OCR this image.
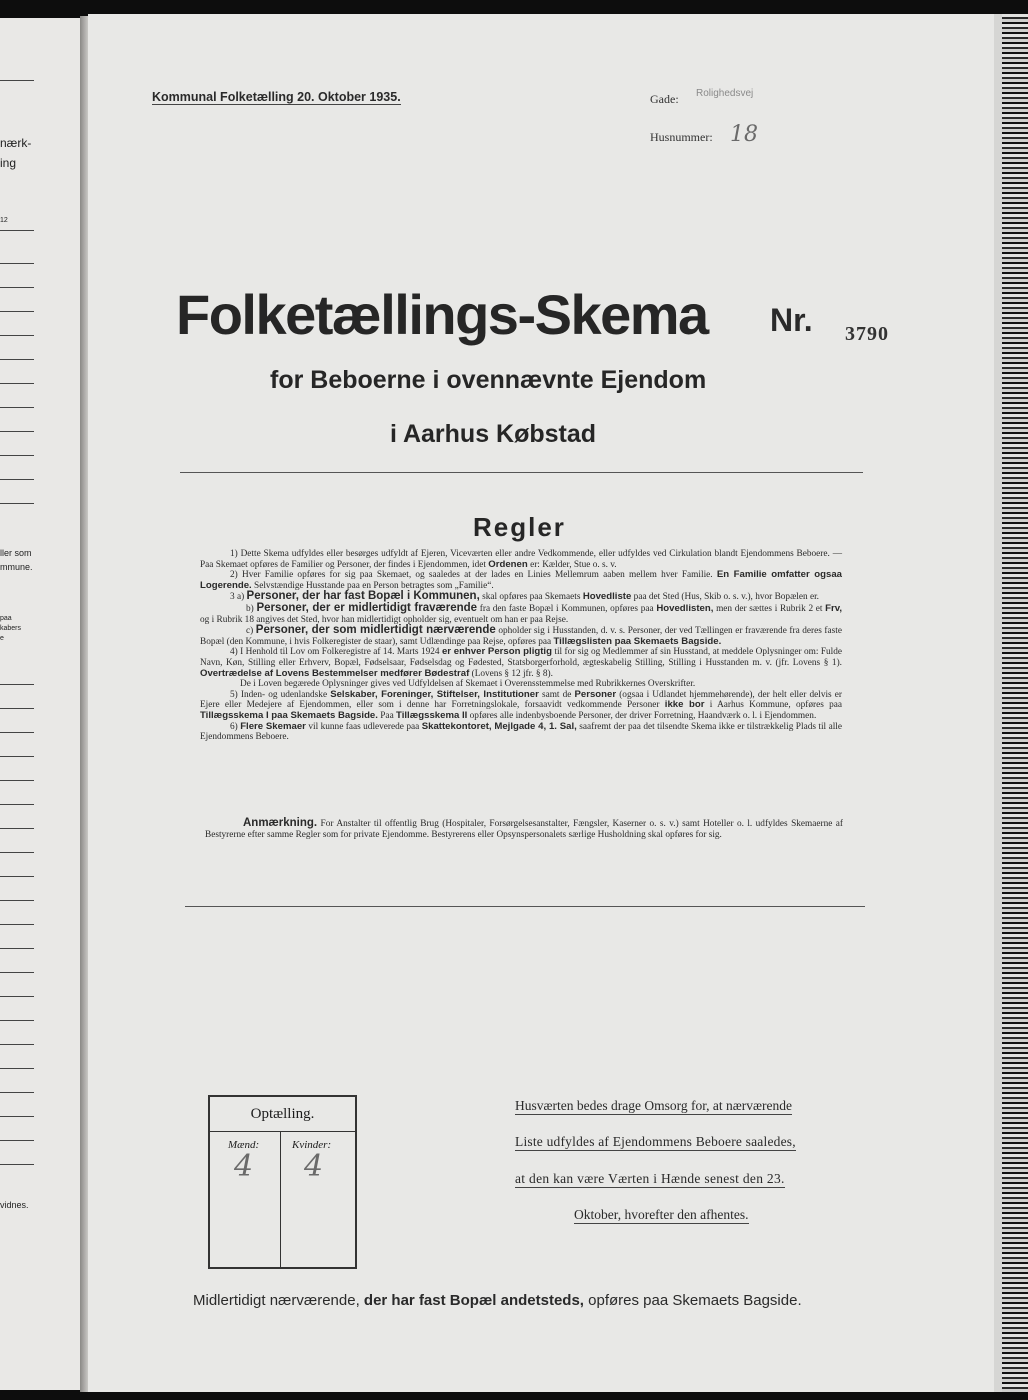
nærk-
ing
12
ller som
mmune.
paa
kabers
e
vidnes.
Kommunal Folketælling 20. Oktober 1935.	Gade: Rolighedsvej
Husnummer: 18
Folketællings-Skema Nr. 3790
for Beboerne i ovennævnte Ejendom
i Aarhus Købstad
Regler

1) Dette Skema udfyldes eller besørges udfyldt af Ejeren, Viceværten eller andre Vedkommende, eller udfyldes ved Cirkulation blandt Ejendommens Beboere. — Paa Skemaet opføres de Familier og Personer, der findes i Ejendommen, idet Ordenen er: Kælder, Stue o. s. v.

2) Hver Familie opføres for sig paa Skemaet, og saaledes at der lades en Linies Mellemrum aaben mellem hver Familie. En Familie omfatter ogsaa Logerende. Selvstændige Husstande paa en Person betragtes som „Familie“.

3 a) Personer, der har fast Bopæl i Kommunen, skal opføres paa Skemaets Hovedliste paa det Sted (Hus, Skib o. s. v.), hvor Bopælen er.

b) Personer, der er midlertidigt fraværende fra den faste Bopæl i Kommunen, opføres paa Hovedlisten, men der sættes i Rubrik 2 et Frv, og i Rubrik 18 angives det Sted, hvor han midlertidigt opholder sig, eventuelt om han er paa Rejse.

c) Personer, der som midlertidigt nærværende opholder sig i Husstanden, d. v. s. Personer, der ved Tællingen er fraværende fra deres faste Bopæl (den Kommune, i hvis Folkeregister de staar), samt Udlændinge paa Rejse, opføres paa Tillægslisten paa Skemaets Bagside.

4) I Henhold til Lov om Folkeregistre af 14. Marts 1924 er enhver Person pligtig til for sig og Medlemmer af sin Husstand, at meddele Oplysninger om: Fulde Navn, Køn, Stilling eller Erhverv, Bopæl, Fødselsaar, Fødselsdag og Fødested, Statsborgerforhold, ægteskabelig Stilling, Stilling i Husstanden m. v. (jfr. Lovens § 1). Overtrædelse af Lovens Bestemmelser medfører Bødestraf (Lovens § 12 jfr. § 8).

De i Loven begærede Oplysninger gives ved Udfyldelsen af Skemaet i Overensstemmelse med Rubrikkernes Overskrifter.

5) Inden- og udenlandske Selskaber, Foreninger, Stiftelser, Institutioner samt de Personer (ogsaa i Udlandet hjemmehørende), der helt eller delvis er Ejere eller Medejere af Ejendommen, eller som i denne har Forretningslokale, forsaavidt vedkommende Personer ikke bor i Aarhus Kommune, opføres paa Tillægsskema I paa Skemaets Bagside. Paa Tillægsskema II opføres alle indenbysboende Personer, der driver Forretning, Haandværk o. l. i Ejendommen.

6) Flere Skemaer vil kunne faas udleverede paa Skattekontoret, Mejlgade 4, 1. Sal, saafremt der paa det tilsendte Skema ikke er tilstrækkelig Plads til alle Ejendommens Beboere.

Anmærkning. For Anstalter til offentlig Brug (Hospitaler, Forsørgelsesanstalter, Fængsler, Kaserner o. s. v.) samt Hoteller o. l. udfyldes Skemaerne af Bestyrerne efter samme Regler som for private Ejendomme. Bestyrerens eller Opsynspersonalets særlige Husholdning skal opføres for sig.

Optælling.
Mænd:	Kvinder:
4 4
Husværten bedes drage Omsorg for, at nærværende
Liste udfyldes af Ejendommens Beboere saaledes,
at den kan være Værten i Hænde senest den 23.
Oktober, hvorefter den afhentes.
Midlertidigt nærværende, der har fast Bopæl andetsteds, opføres paa Skemaets Bagside.
